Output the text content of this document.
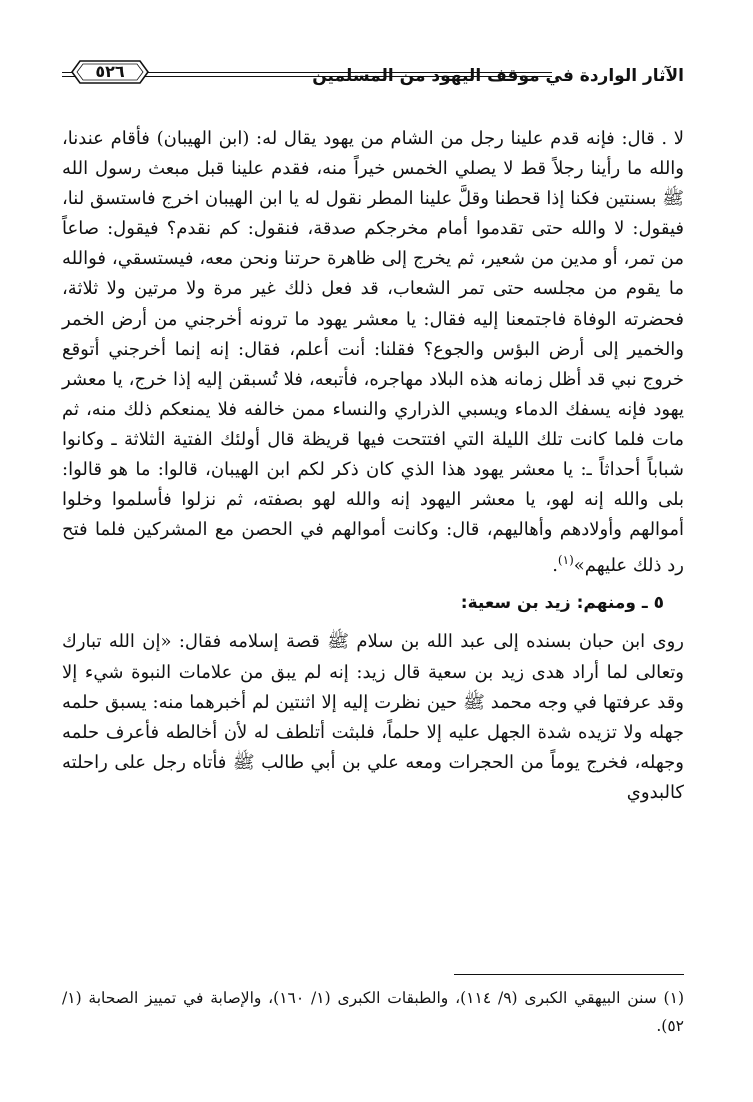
الآثار الواردة في موقف اليهود من المسلمين
٥٢٦

لا . قال: فإنه قدم علينا رجل من الشام من يهود يقال له: (ابن الهيبان) فأقام عندنا، والله ما رأينا رجلاً قط لا يصلي الخمس خيراً منه، فقدم علينا قبل مبعث رسول الله ﷺ بسنتين فكنا إذا قحطنا وقلَّ علينا المطر نقول له يا ابن الهيبان اخرج فاستسق لنا، فيقول: لا والله حتى تقدموا أمام مخرجكم صدقة، فنقول: كم نقدم؟ فيقول: صاعاً من تمر، أو مدين من شعير، ثم يخرج إلى ظاهرة حرتنا ونحن معه، فيستسقي، فوالله ما يقوم من مجلسه حتى تمر الشعاب، قد فعل ذلك غير مرة ولا مرتين ولا ثلاثة، فحضرته الوفاة فاجتمعنا إليه فقال: يا معشر يهود ما ترونه أخرجني من أرض الخمر والخمير إلى أرض البؤس والجوع؟ فقلنا: أنت أعلم، فقال: إنه إنما أخرجني أتوقع خروج نبي قد أظل زمانه هذه البلاد مهاجره، فأتبعه، فلا تُسبقن إليه إذا خرج، يا معشر يهود فإنه يسفك الدماء ويسبي الذراري والنساء ممن خالفه فلا يمنعكم ذلك منه، ثم مات فلما كانت تلك الليلة التي افتتحت فيها قريظة قال أولئك الفتية الثلاثة ـ وكانوا شباباً أحداثاً ـ: يا معشر يهود هذا الذي كان ذكر لكم ابن الهيبان، قالوا: ما هو قالوا: بلى والله إنه لهو، يا معشر اليهود إنه والله لهو بصفته، ثم نزلوا فأسلموا وخلوا أموالهم وأولادهم وأهاليهم، قال: وكانت أموالهم في الحصن مع المشركين فلما فتح رد ذلك عليهم»$^{(١)}$.

٥ ـ ومنهم: زيد بن سعية:

روى ابن حبان بسنده إلى عبد الله بن سلام ﷺ قصة إسلامه فقال: «إن الله تبارك وتعالى لما أراد هدى زيد بن سعية قال زيد: إنه لم يبق من علامات النبوة شيء إلا وقد عرفتها في وجه محمد ﷺ حين نظرت إليه إلا اثنتين لم أخبرهما منه: يسبق حلمه جهله ولا تزيده شدة الجهل عليه إلا حلماً، فلبثت أتلطف له لأن أخالطه فأعرف حلمه وجهله، فخرج يوماً من الحجرات ومعه علي بن أبي طالب ﷺ فأتاه رجل على راحلته كالبدوي

(١) سنن البيهقي الكبرى (٩/ ١١٤)، والطبقات الكبرى (١/ ١٦٠)، والإصابة في تمييز الصحابة (١/ ٥٢).
